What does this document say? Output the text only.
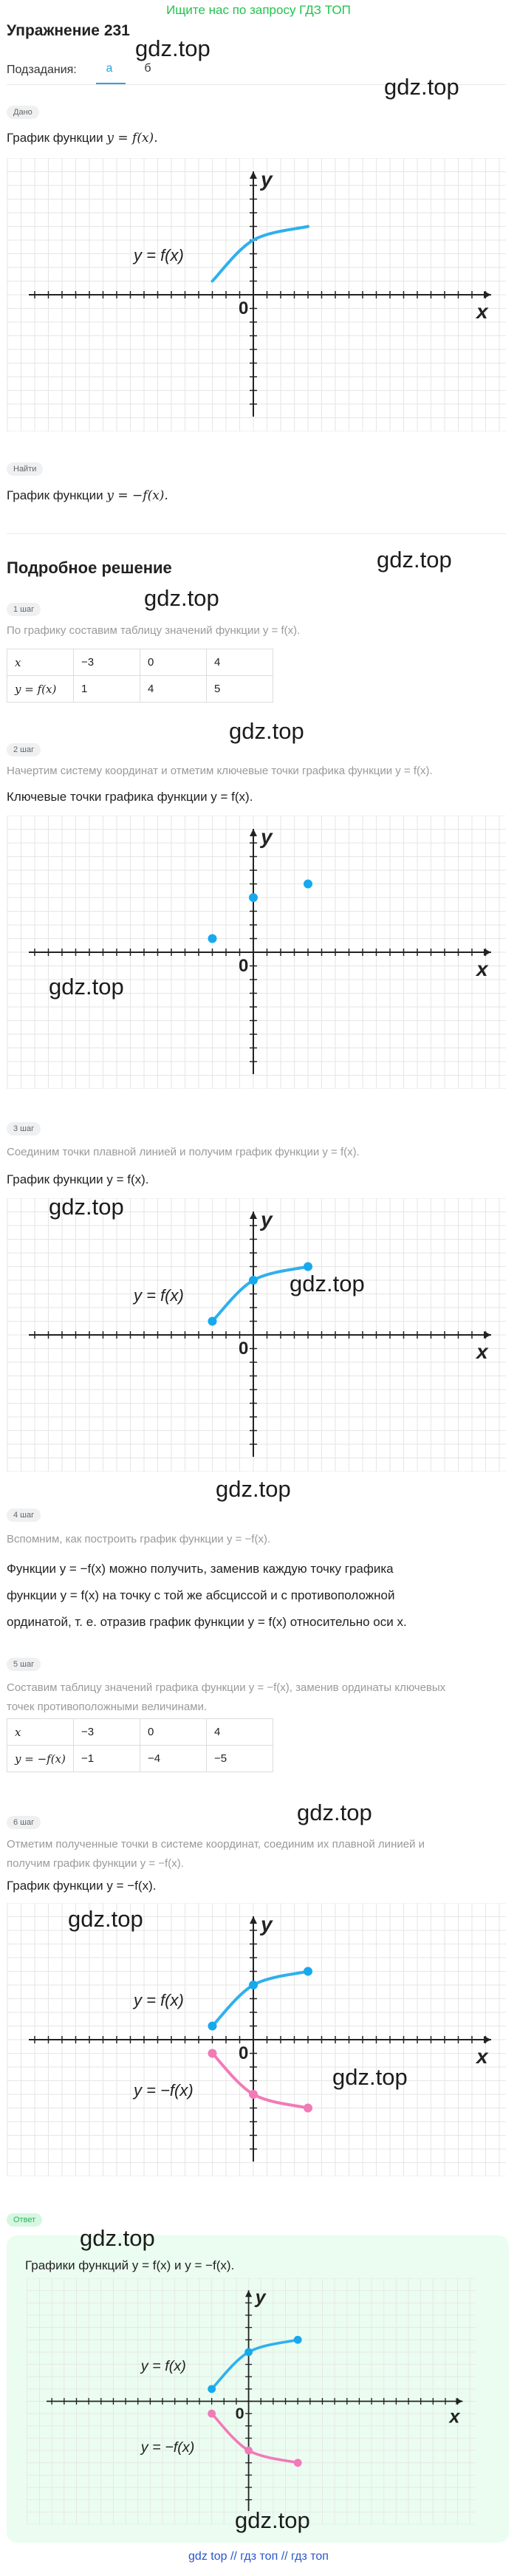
Ищите нас по запросу ГДЗ ТОП
Упражнение 231
Подзадания:	а	б
gdz.top
gdz.top
Дано
График функции y = f(x).
x
y
0
y = f(x)
Найти
График функции y = −f(x).
Подробное решение	gdz.top
gdz.top
1 шаг
По графику составим таблицу значений функции y = f(x).
x	−3	0	4
y = f(x)	1	4	5
gdz.top
2 шаг
Начертим систему координат и отметим ключевые точки графика функции y = f(x).
Ключевые точки графика функции y = f(x).
x
y
0
gdz.top
3 шаг
Соединим точки плавной линией и получим график функции y = f(x).
График функции y = f(x).
x
y
0
y = f(x)
gdz.top
gdz.top
gdz.top
4 шаг
Вспомним, как построить график функции y = −f(x).
Функции y = −f(x) можно получить, заменив каждую точку графика
функции y = f(x) на точку с той же абсциссой и с противоположной
ординатой, т. е. отразив график функции y = f(x) относительно оси x.
5 шаг
Составим таблицу значений графика функции y = −f(x), заменив ординаты ключевых
точек противоположными величинами.
x	−3	0	4
y = −f(x)	−1	−4	−5
gdz.top
6 шаг
Отметим полученные точки в системе координат, соединим их плавной линией и
получим график функции y = −f(x).
График функции y = −f(x).
x
y
0
y = f(x)
y = −f(x)
gdz.top
gdz.top
Ответ
gdz.top
Графики функций y = f(x) и y = −f(x).
x
y
0
y = f(x)
y = −f(x)
gdz.top
gdz top // гдз топ // гдз топ
